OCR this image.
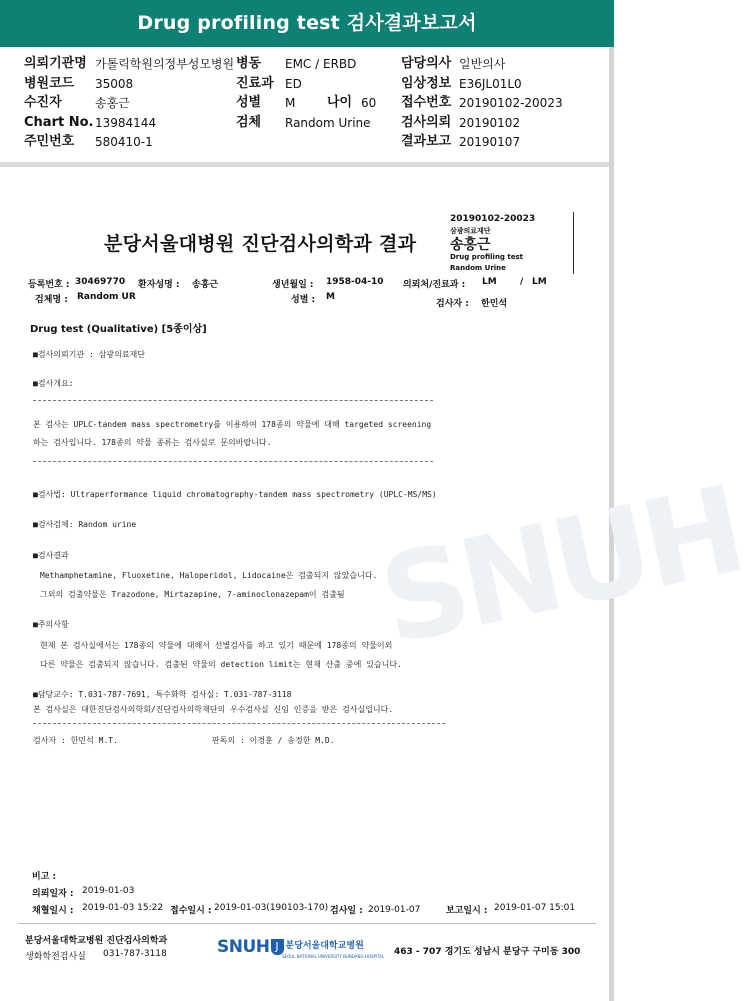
Drug profiling test 검사결과보고서
의뢰기관명 가톨릭학원의정부성모병원 병동 EMC / ERBD	담당의사 일반의사
병원코드 35008	진료과 ED	임상정보 E36JL01L0
수진자	송홍근	성별 M 나이 60 접수번호 20190102-20023
Chart No. 13984144	검체 Random Urine 검사의뢰 20190102
주민번호 580410-1	결과보고 20190107
SNUH
분당서울대병원 진단검사의학과 결과
20190102-20023
삼광의료재단
송홍근
Drug profiling test
Random Urine
등록번호 : 30469770 환자성명 : 송홍근	생년월일 : 1958-04-10 의뢰처/진료과 : LM	/ LM
검체명 : Random UR	성별 : M
검사자 : 한민석
Drug test (Qualitative) [5종이상]
■검사의뢰기관 : 삼광의료재단
■검사개요:
본 검사는 UPLC-tandem mass spectrometry를 이용하여 178종의 약물에 대해 targeted screening
하는 검사입니다. 178종의 약물 종류는 검사실로 문의바랍니다.
■검사법: Ultraperformance liquid chromatography-tandem mass spectrometry (UPLC-MS/MS)
■검사검체: Random urine
■검사결과
Methamphetamine, Fluoxetine, Haloperidol, Lidocaine은 검출되지 않았습니다.
그외의 검출약물은 Trazodone, Mirtazapine, 7-aminoclonazepam이 검출됨
■주의사항
현재 본 검사실에서는 178종의 약물에 대해서 선별검사를 하고 있기 때문에 178종의 약물이외
다른 약물은 검출되지 않습니다. 검출된 약물의 detection limit는 현재 산출 중에 있습니다.
■담당교수: T.031-787-7691, 특수화학 검사실: T.031-787-3118
본 검사실은 대한진단검사의학회/진단검사의학재단의 우수검사실 신임 인증을 받은 검사실입니다.
검사자 : 한민석 M.T.	판독의 : 이경훈 / 송정한 M.D.
비고 :
의뢰일자 : 2019-01-03
채혈일시 : 2019-01-03 15:22 접수일시 : 2019-01-03(190103-170) 검사일 : 2019-01-07	보고일시 : 2019-01-07 15:01
분당서울대학교병원 진단검사의학과
생화학전검사실 031-787-3118	SNUH J $^{분당서울대학교병원}$
SEOUL NATIONAL UNIVERSITY BUNDANG HOSPITAL 463 - 707 경기도 성남시 분당구 구미동 300
